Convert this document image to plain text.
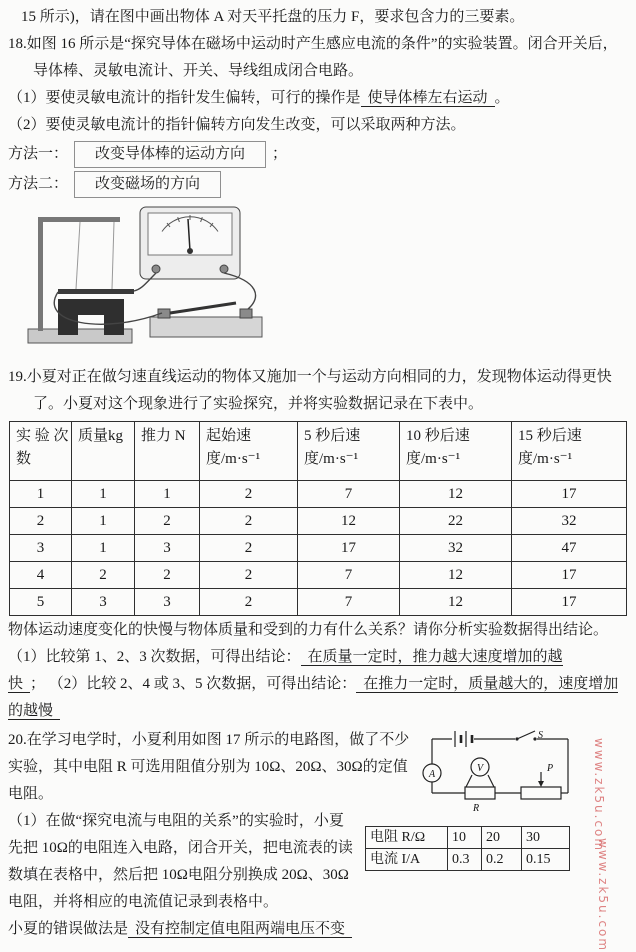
15 所示)，请在图中画出物体 A 对天平托盘的压力 F，要求包含力的三要素。

18.如图 16 所示是“探究导体在磁场中运动时产生感应电流的条件”的实验装置。闭合开关后，导体棒、灵敏电流计、开关、导线组成闭合电路。

（1）要使灵敏电流计的指针发生偏转，可行的操作是 使导体棒左右运动 。

（2）要使灵敏电流计的指针偏转方向发生改变，可以采取两种方法。

方法一： 改变导体棒的运动方向 ；

方法二： 改变磁场的方向

19.小夏对正在做匀速直线运动的物体又施加一个与运动方向相同的力，发现物体运动得更快了。小夏对这个现象进行了实验探究，并将实验数据记录在下表中。

实 验 次 数	质量kg	推力 N	起始速度/m·s⁻¹	5 秒后速度/m·s⁻¹	10 秒后速度/m·s⁻¹	15 秒后速度/m·s⁻¹
1	1	1	2	7	12	17
2	1	2	2	12	22	32
3	1	3	2	17	32	47
4	2	2	2	7	12	17
5	3	3	2	7	12	17

物体运动速度变化的快慢与物体质量和受到的力有什么关系？请你分析实验数据得出结论。

（1）比较第 1、2、3 次数据，可得出结论： 在质量一定时，推力越大速度增加的越快 ； （2）比较 2、4 或 3、5 次数据，可得出结论： 在推力一定时，质量越大的，速度增加的越慢

A
V
S
R
P
电阻 R/Ω	10	20	30
电流 I/A	0.3	0.2	0.15

20.在学习电学时，小夏利用如图 17 所示的电路图，做了不少实验，其中电阻 R 可选用阻值分别为 10Ω、20Ω、30Ω的定值电阻。

（1）在做“探究电流与电阻的关系”的实验时，小夏先把 10Ω的电阻连入电路，闭合开关，把电流表的读数填在表格中，然后把 10Ω电阻分别换成 20Ω、30Ω电阻，并将相应的电流值记录到表格中。

小夏的错误做法是 没有控制定值电阻两端电压不变

www.zk5u.com
www.zk5u.com
